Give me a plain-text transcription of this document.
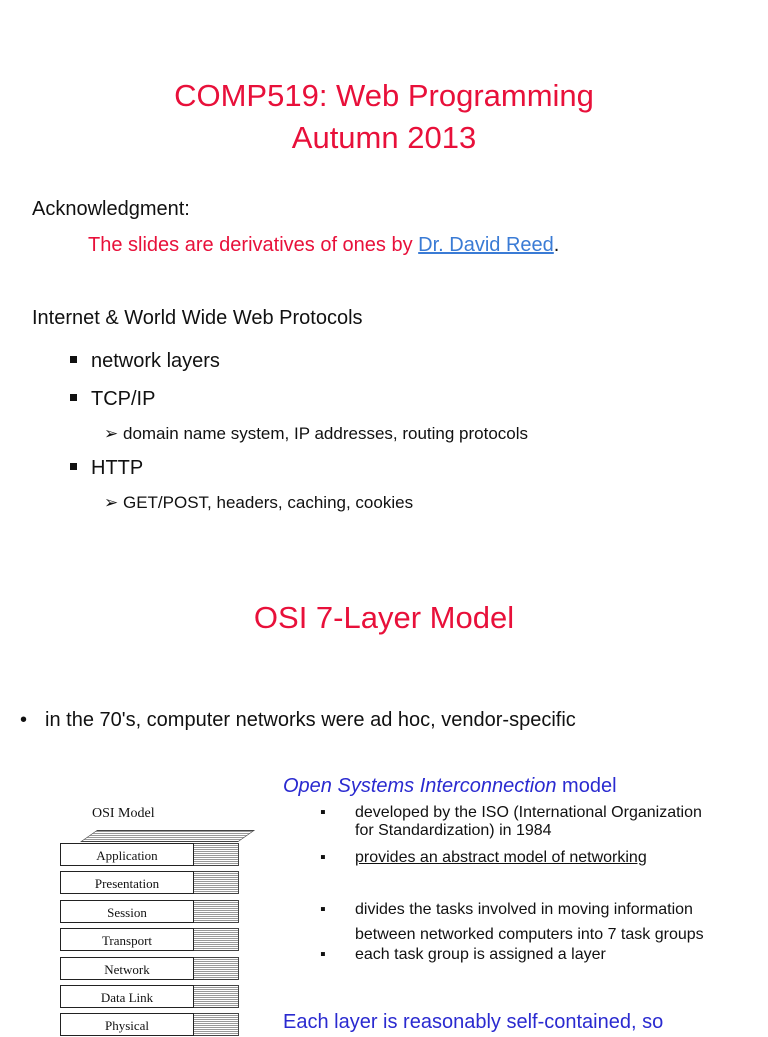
COMP519: Web Programming
Autumn 2013
Acknowledgment:
The slides are derivatives of ones by Dr. David Reed.
Internet & World Wide Web Protocols
network layers
TCP/IP
➢ domain name system, IP addresses, routing protocols
HTTP
➢ GET/POST, headers, caching, cookies
OSI 7-Layer Model
• in the 70's, computer networks were ad hoc, vendor-specific
OSI Model
Application
Presentation
Session
Transport
Network
Data Link
Physical
Open Systems Interconnection model
▪ developed by the ISO (International Organization for Standardization) in 1984
▪ provides an abstract model of networking
▪ divides the tasks involved in moving information between networked computers into 7 task groups
▪ each task group is assigned a layer
Each layer is reasonably self-contained, so
